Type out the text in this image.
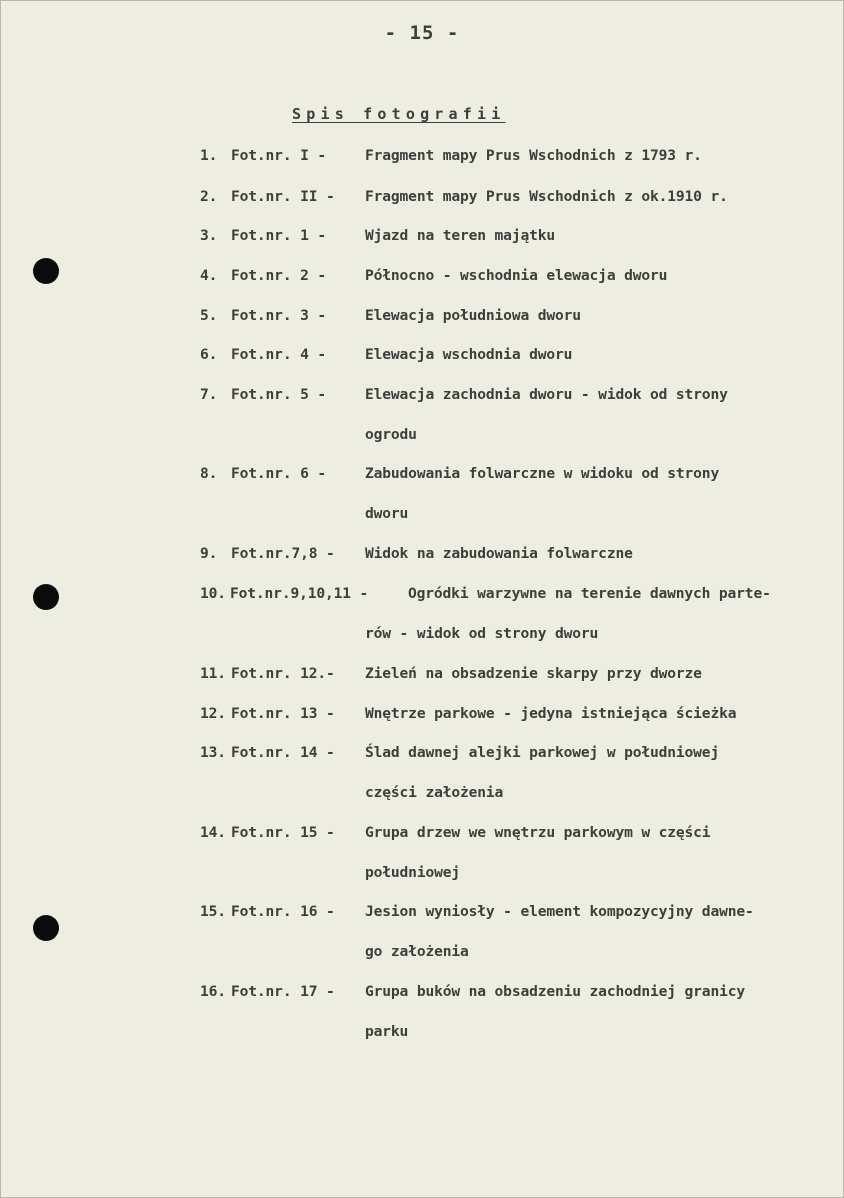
- 15 -
Spis fotografii
1. Fot.nr. I -	Fragment mapy Prus Wschodnich z 1793 r.
2. Fot.nr. II - Fragment mapy Prus Wschodnich z ok.1910 r.
3. Fot.nr. 1 -	Wjazd na teren majątku
4. Fot.nr. 2 -	Północno - wschodnia elewacja dworu
5. Fot.nr. 3 -	Elewacja południowa dworu
6. Fot.nr. 4 -	Elewacja wschodnia dworu
7. Fot.nr. 5 -	Elewacja zachodnia dworu - widok od strony
ogrodu
8. Fot.nr. 6 -	Zabudowania folwarczne w widoku od strony
dworu
9. Fot.nr.7,8 - Widok na zabudowania folwarczne
10. Fot.nr.9,10,11 -	Ogródki warzywne na terenie dawnych parte-
rów - widok od strony dworu
11. Fot.nr. 12.- Zieleń na obsadzenie skarpy przy dworze
12. Fot.nr. 13 - Wnętrze parkowe - jedyna istniejąca ścieżka
13. Fot.nr. 14 - Ślad dawnej alejki parkowej w południowej
części założenia
14. Fot.nr. 15 - Grupa drzew we wnętrzu parkowym w części
południowej
15. Fot.nr. 16 - Jesion wyniosły - element kompozycyjny dawne-
go założenia
16. Fot.nr. 17 - Grupa buków na obsadzeniu zachodniej granicy
parku
